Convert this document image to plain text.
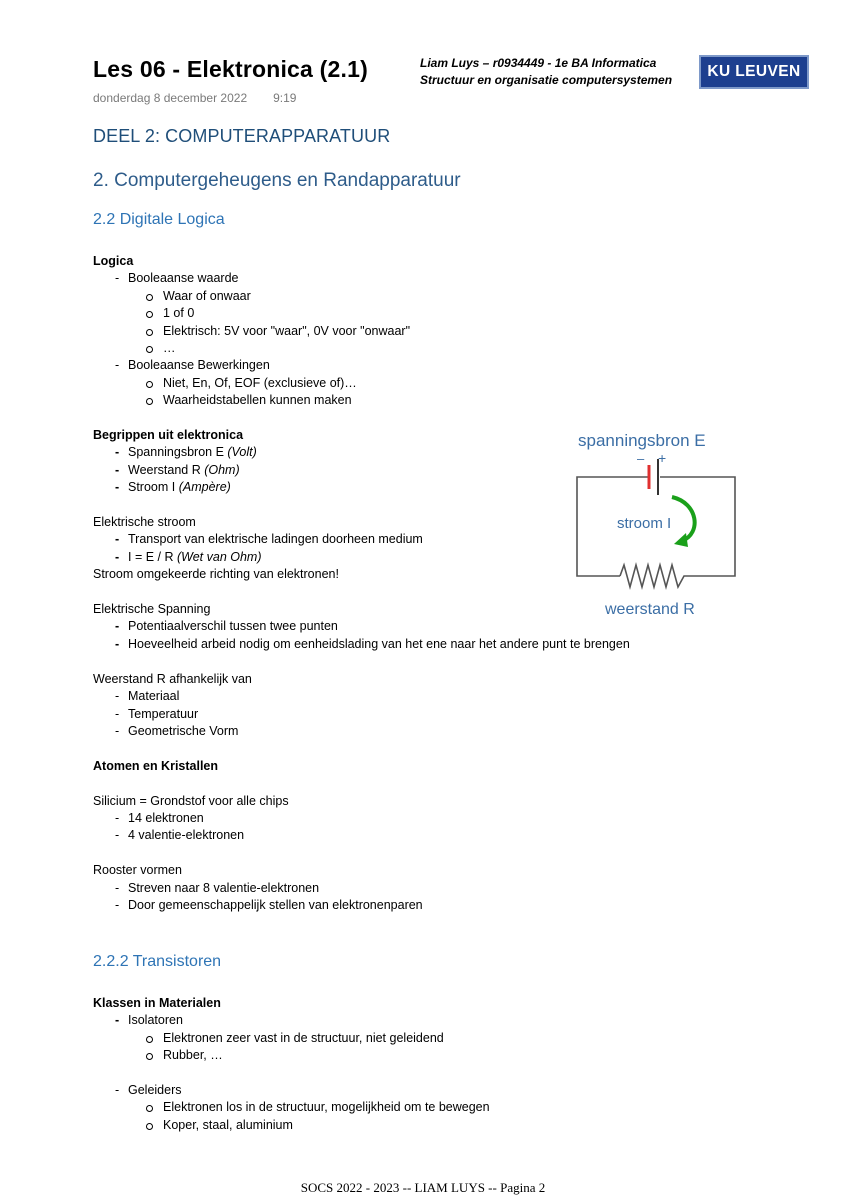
Les 06 - Elektronica (2.1)
donderdag 8 december 2022 9:19
Liam Luys – r0934449 - 1e BA Informatica
Structuur en organisatie computersystemen KU LEUVEN
DEEL 2: COMPUTERAPPARATUUR
2. Computergeheugens en Randapparatuur
2.2 Digitale Logica
Logica
- Booleaanse waarde
Waar of onwaar
1 of 0
Elektrisch: 5V voor "waar", 0V voor "onwaar"
…
- Booleaanse Bewerkingen
Niet, En, Of, EOF (exclusieve of)…
Waarheidstabellen kunnen maken
Begrippen uit elektronica
- Spanningsbron E (Volt)
- Weerstand R (Ohm)
- Stroom I (Ampère)
Elektrische stroom
- Transport van elektrische ladingen doorheen medium
- I = E / R (Wet van Ohm)
Stroom omgekeerde richting van elektronen!
Elektrische Spanning
- Potentiaalverschil tussen twee punten
- Hoeveelheid arbeid nodig om eenheidslading van het ene naar het andere punt te brengen
Weerstand R afhankelijk van
- Materiaal
- Temperatuur
- Geometrische Vorm
Atomen en Kristallen
Silicium = Grondstof voor alle chips
- 14 elektronen
- 4 valentie-elektronen
Rooster vormen
- Streven naar 8 valentie-elektronen
- Door gemeenschappelijk stellen van elektronenparen
2.2.2 Transistoren
Klassen in Materialen
- Isolatoren
Elektronen zeer vast in de structuur, niet geleidend
Rubber, …
- Geleiders
Elektronen los in de structuur, mogelijkheid om te bewegen
Koper, staal, aluminium
spanningsbron E
– +
stroom I
weerstand R
SOCS 2022 - 2023 -- LIAM LUYS -- Pagina 2
